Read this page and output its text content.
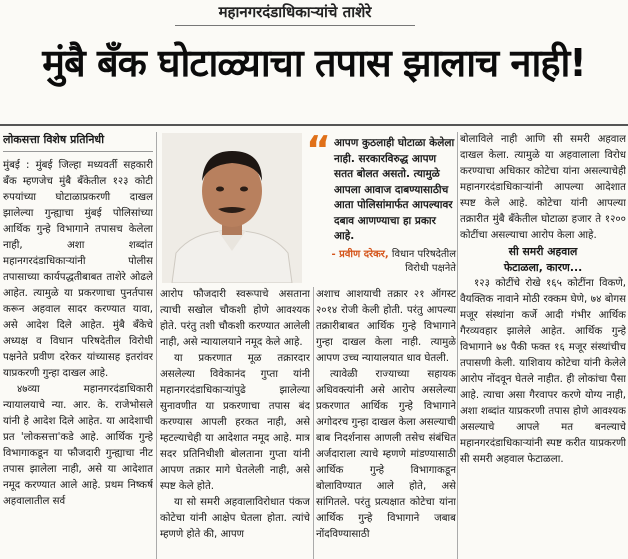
महानगरदंडाधिकाऱ्यांचे ताशेरे
मुंबै बँक घोटाळ्याचा तपास झालाच नाही!
लोकसत्ता विशेष प्रतिनिधी

मुंबई : मुंबई जिल्हा मध्यवर्ती सहकारी बँक म्हणजेच मुंबै बँकेतील १२३ कोटी रुपयांच्या घोटाळाप्रकरणी दाखल झालेल्या गुन्ह्याचा मुंबई पोलिसांच्या आर्थिक गुन्हे विभागाने तपासच केलेला नाही, अशा शब्दांत महानगरदंडाधिकाऱ्यांनी पोलीस तपासाच्या कार्यपद्धतीबाबत ताशेरे ओढले आहेत. त्यामुळे या प्रकरणाचा पुनर्तपास करून अहवाल सादर करण्यात यावा, असे आदेश दिले आहेत. मुंबै बँकेचे अध्यक्ष व विधान परिषदेतील विरोधी पक्षनेते प्रवीण दरेकर यांच्यासह इतरांवर याप्रकरणी गुन्हा दाखल आहे.

४७व्या महानगरदंडाधिकारी न्यायालयाचे न्या. आर. के. राजेभोसले यांनी हे आदेश दिले आहेत. या आदेशाची प्रत 'लोकसत्ता'कडे आहे. आर्थिक गुन्हे विभागाकडून या फौजदारी गुन्ह्याचा नीट तपास झालेला नाही, असे या आदेशात नमूद करण्यात आले आहे. प्रथम निष्कर्ष अहवालातील सर्व

“ आपण कुठलाही घोटाळा केलेला नाही. सरकारविरुद्ध आपण सतत बोलत असतो. त्यामुळे आपला आवाज दाबण्यासाठीच आता पोलिसांमार्फत आपल्यावर दबाव आणण्याचा हा प्रकार आहे.
- प्रवीण दरेकर, विधान परिषदेतील विरोधी पक्षनेते

आरोप फौजदारी स्वरूपाचे असताना त्याची सखोल चौकशी होणे आवश्यक होते. परंतु तशी चौकशी करण्यात आलेली नाही, असे न्यायालयाने नमूद केले आहे.

या प्रकरणात मूळ तक्रारदार असलेल्या विवेकानंद गुप्ता यांनी महानगरदंडाधिकाऱ्यांपुढे झालेल्या सुनावणीत या प्रकरणाचा तपास बंद करण्यास आपली हरकत नाही, असे म्हटल्याचेही या आदेशात नमूद आहे. मात्र सदर प्रतिनिधीशी बोलताना गुप्ता यांनी आपण तक्रार मागे घेतलेली नाही, असे स्पष्ट केले होते.

या सो समरी अहवालाविरोधात पंकज कोटेचा यांनी आक्षेप घेतला होता. त्यांचे म्हणणे होते की, आपण

अशाच आशयाची तक्रार २१ ऑगस्ट २०१४ रोजी केली होती. परंतु आपल्या तक्रारीबाबत आर्थिक गुन्हे विभागाने गुन्हा दाखल केला नाही. त्यामुळे आपण उच्च न्यायालयात धाव घेतली.

त्यावेळी राज्याच्या सहायक अधिवक्त्यांनी असे आरोप असलेल्या प्रकरणात आर्थिक गुन्हे विभागाने अगोदरच गुन्हा दाखल केला असल्याची बाब निदर्शनास आणली तसेच संबंधित अर्जदाराला त्याचे म्हणणे मांडण्यासाठी आर्थिक गुन्हे विभागाकडून बोलाविण्यात आले होते, असे सांगितले. परंतु प्रत्यक्षात कोटेचा यांना आर्थिक गुन्हे विभागाने जबाब नोंदविण्यासाठी

बोलाविले नाही आणि सी समरी अहवाल दाखल केला. त्यामुळे या अहवालाला विरोध करण्याचा अधिकार कोटेचा यांना असल्याचेही महानगरदंडाधिकाऱ्यांनी आपल्या आदेशात स्पष्ट केले आहे. कोटेचा यांनी आपल्या तक्रारीत मुंबै बँकेतील घोटाळा हजार ते १२०० कोटींचा असल्याचा आरोप केला आहे.

सी समरी अहवाल
फेटाळला, कारण...

१२३ कोटींचे रोखे १६५ कोटींना विकणे, वैयक्तिक नावाने मोठी रक्कम घेणे, ७४ बोगस मजूर संस्थांना कर्जे आदी गंभीर आर्थिक गैरव्यवहार झालेले आहेत. आर्थिक गुन्हे विभागाने ७४ पैकी फक्त १६ मजूर संस्थांचीच तपासणी केली. याशिवाय कोटेचा यांनी केलेले आरोप नोंदवून घेतले नाहीत. ही लोकांचा पैसा आहे. त्याचा असा गैरवापर करणे योग्य नाही, अशा शब्दांत याप्रकरणी तपास होणे आवश्यक असल्याचे आपले मत बनल्याचे महानगरदंडाधिकाऱ्यांनी स्पष्ट करीत याप्रकरणी सी समरी अहवाल फेटाळला.
